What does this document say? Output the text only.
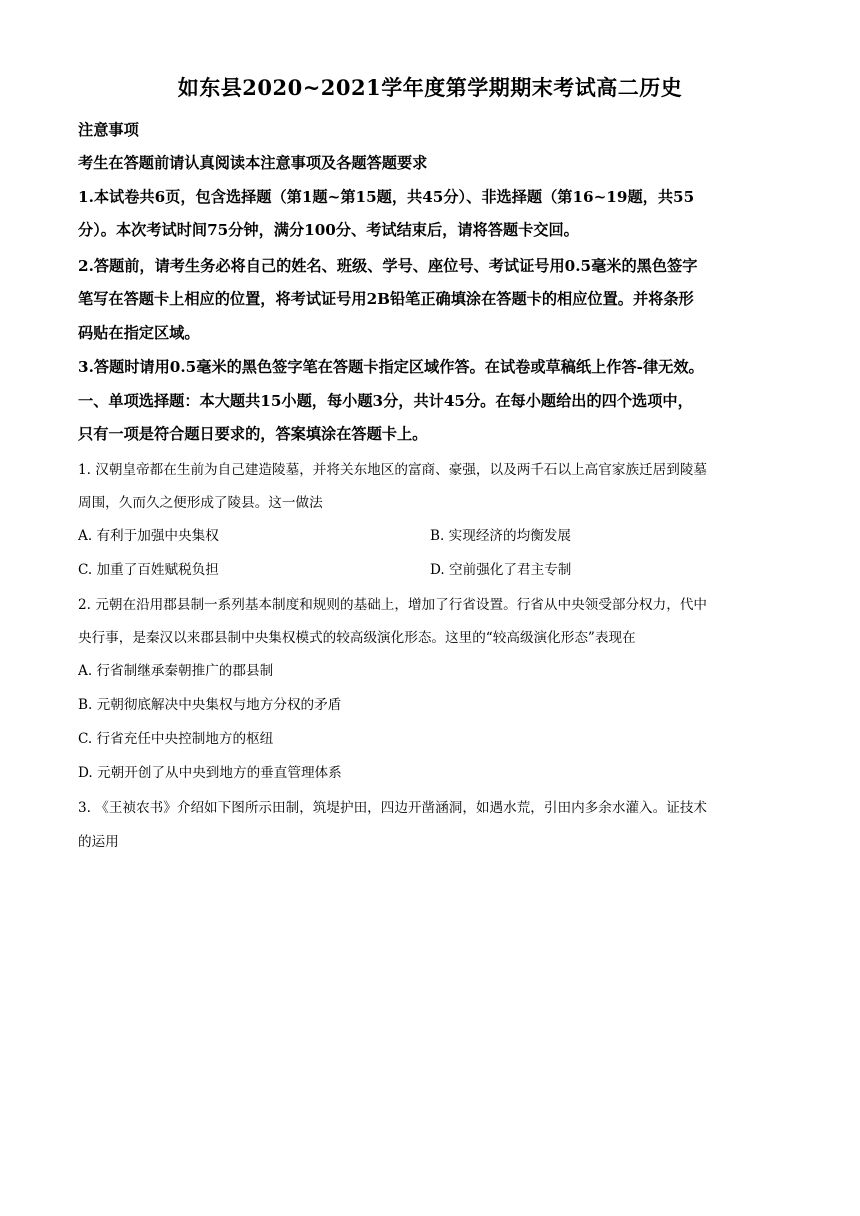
如东县2020~2021学年度第学期期末考试高二历史
注意事项
考生在答题前请认真阅读本注意事项及各题答题要求
1.本试卷共6页，包含选择题（第1题~第15题，共45分）、非选择题（第16~19题，共55
分）。本次考试时间75分钟，满分100分、考试结束后，请将答题卡交回。
2.答题前，请考生务必将自己的姓名、班级、学号、座位号、考试证号用0.5毫米的黑色签字
笔写在答题卡上相应的位置，将考试证号用2B铅笔正确填涂在答题卡的相应位置。并将条形
码贴在指定区域。
3.答题时请用0.5毫米的黑色签字笔在答题卡指定区域作答。在试卷或草稿纸上作答-律无效。
一、单项选择题：本大题共15小题，每小题3分，共计45分。在每小题给出的四个选项中，
只有一项是符合题日要求的，答案填涂在答题卡上。
1. 汉朝皇帝都在生前为自己建造陵墓，并将关东地区的富商、豪强，以及两千石以上高官家族迁居到陵墓
周围，久而久之便形成了陵县。这一做法
A. 有利于加强中央集权	B. 实现经济的均衡发展
C. 加重了百姓赋税负担	D. 空前强化了君主专制
2. 元朝在沿用郡县制一系列基本制度和规则的基础上，增加了行省设置。行省从中央领受部分权力，代中
央行事，是秦汉以来郡县制中央集权模式的较高级演化形态。这里的“较高级演化形态”表现在
A. 行省制继承秦朝推广的郡县制
B. 元朝彻底解决中央集权与地方分权的矛盾
C. 行省充任中央控制地方的枢纽
D. 元朝开创了从中央到地方的垂直管理体系
3. 《王祯农书》介绍如下图所示田制，筑堤护田，四边开凿涵洞，如遇水荒，引田内多余水灌入。证技术
的运用
